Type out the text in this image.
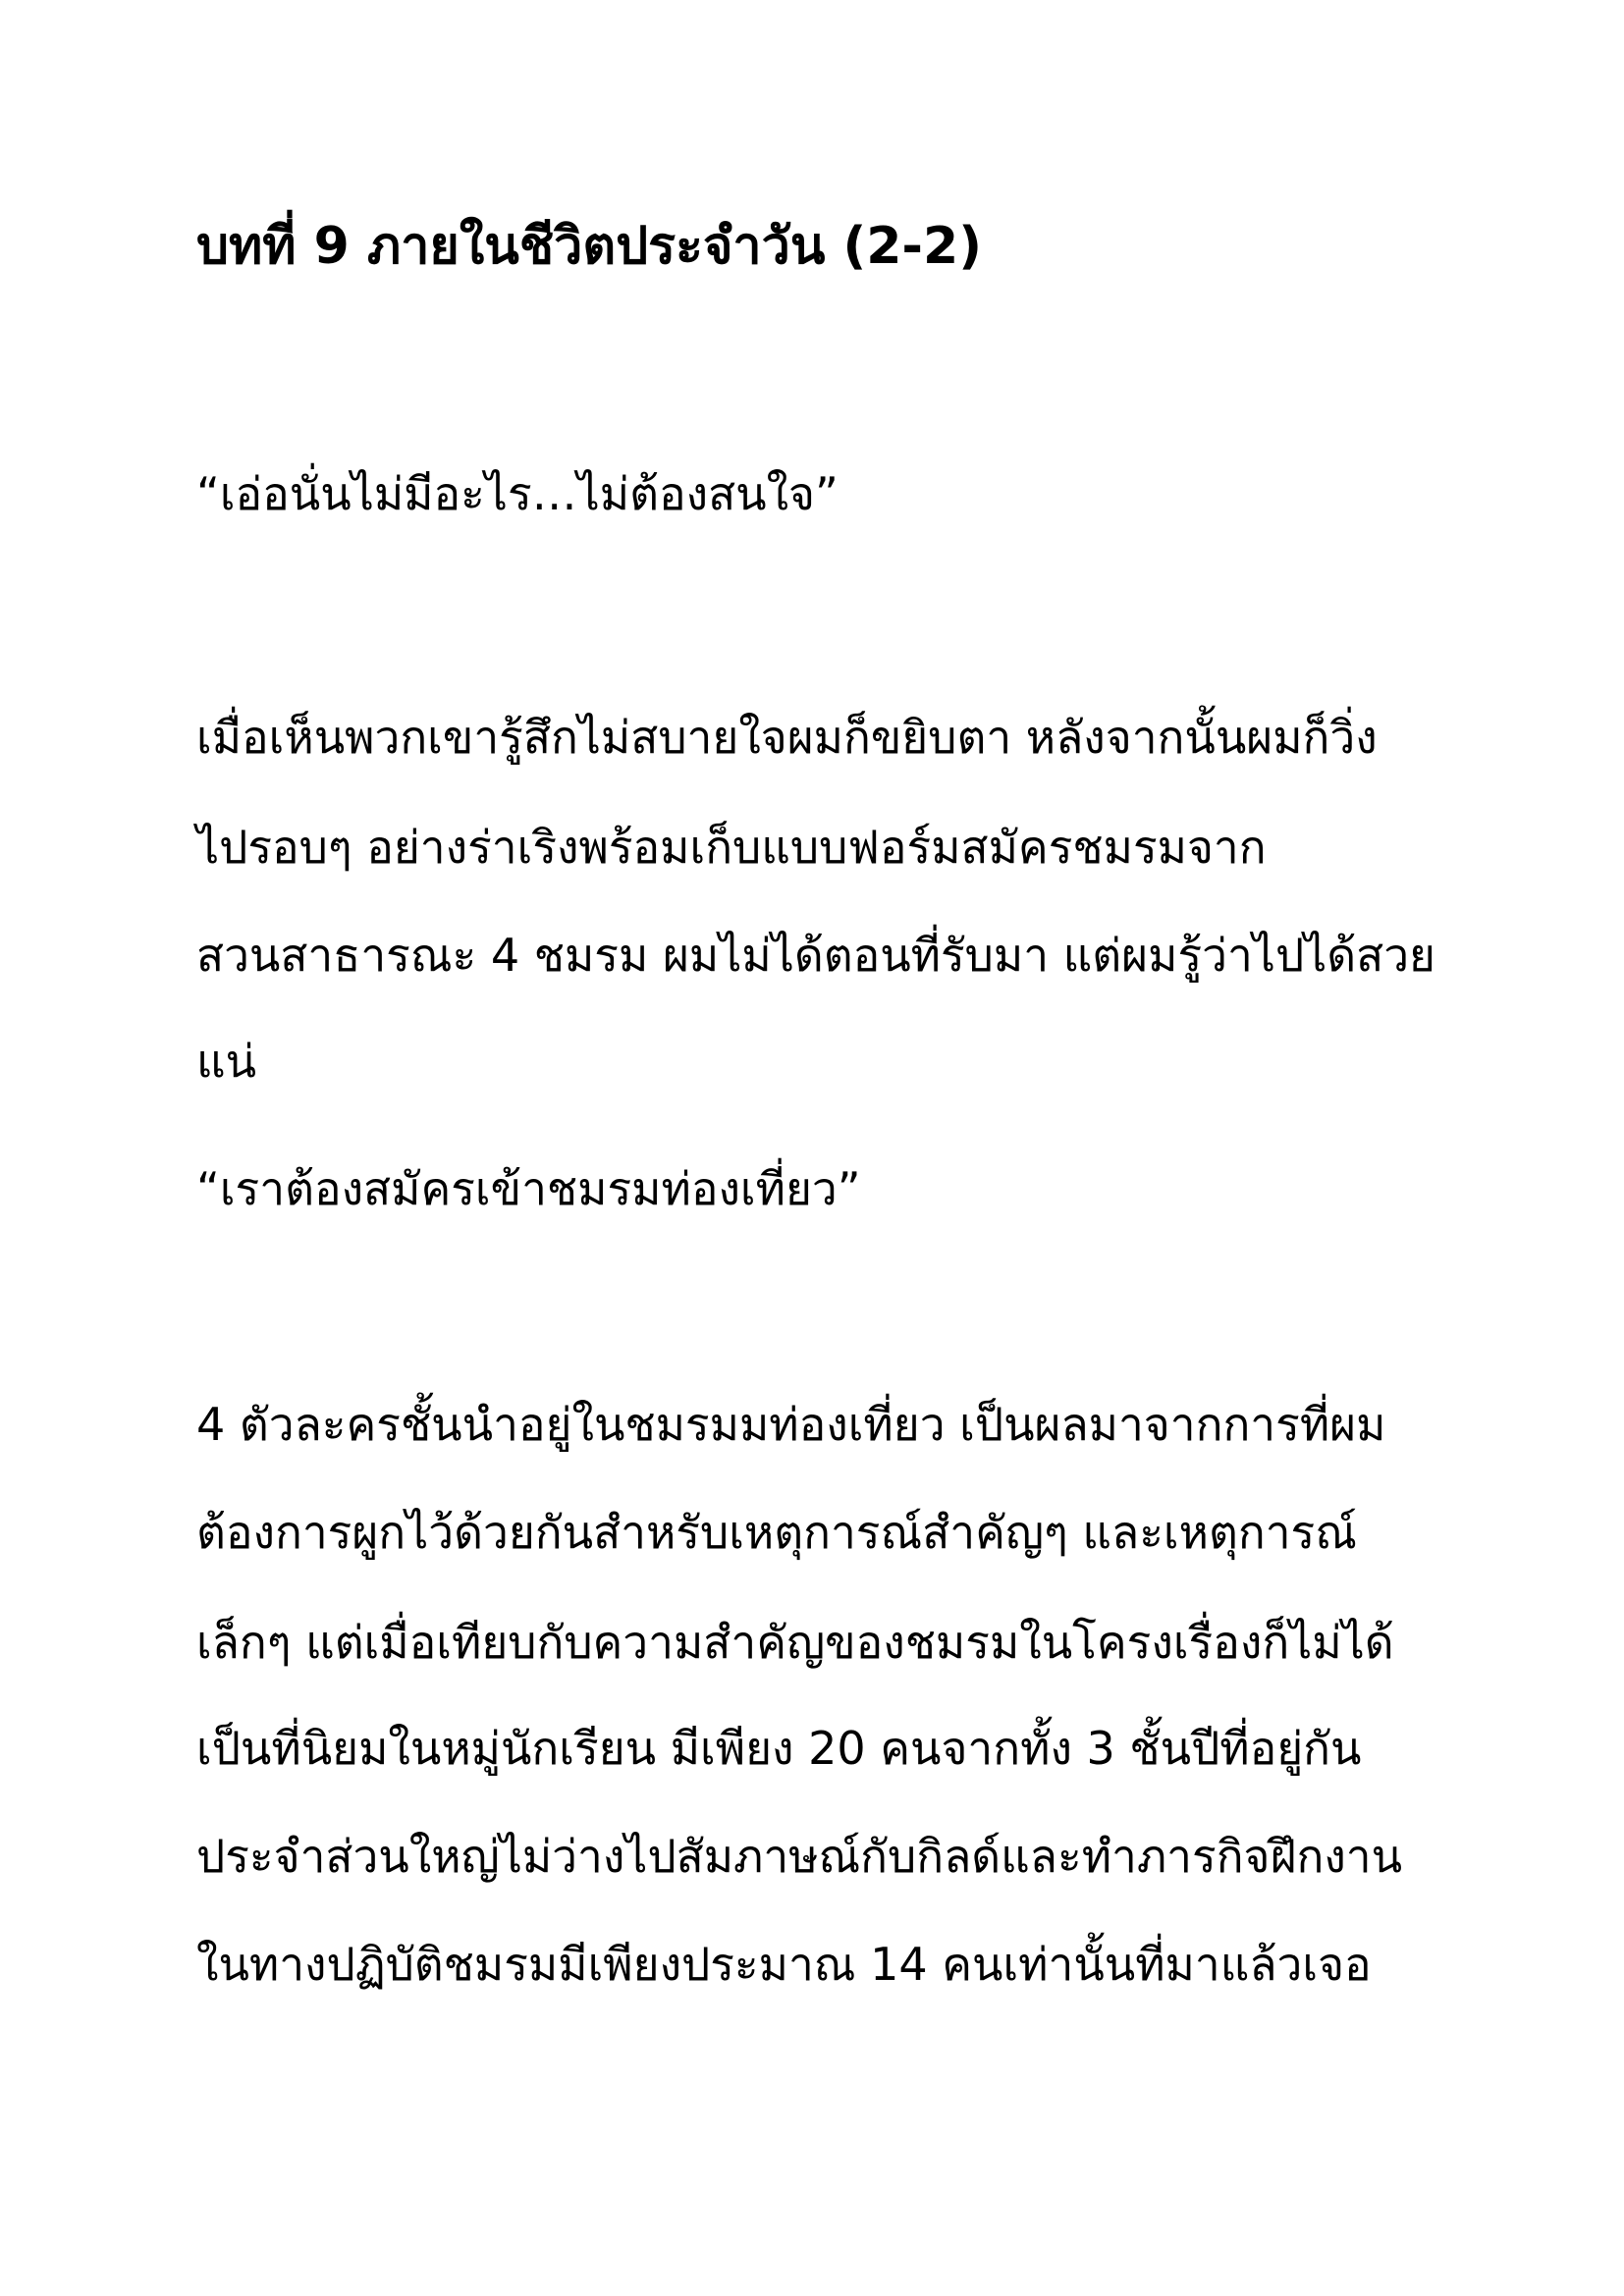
บทที่ 9 ภายในชีวิตประจำวัน (2-2)
“เอ่อนั่นไม่มีอะไร…ไม่ต้องสนใจ”
เมื่อเห็นพวกเขารู้สึกไม่สบายใจผมก็ขยิบตา หลังจากนั้นผมก็วิ่ง
ไปรอบๆ อย่างร่าเริงพร้อมเก็บแบบฟอร์มสมัครชมรมจาก
สวนสาธารณะ 4 ชมรม ผมไม่ได้ตอนที่รับมา แต่ผมรู้ว่าไปได้สวย
แน่
“เราต้องสมัครเข้าชมรมท่องเที่ยว”
4 ตัวละครชั้นนำอยู่ในชมรมมท่องเที่ยว เป็นผลมาจากการที่ผม
ต้องการผูกไว้ด้วยกันสำหรับเหตุการณ์สำคัญๆ และเหตุการณ์
เล็กๆ แต่เมื่อเทียบกับความสำคัญของชมรมในโครงเรื่องก็ไม่ได้
เป็นที่นิยมในหมู่นักเรียน มีเพียง 20 คนจากทั้ง 3 ชั้นปีที่อยู่กัน
ประจำส่วนใหญ่ไม่ว่างไปสัมภาษณ์กับกิลด์และทำภารกิจฝึกงาน
ในทางปฏิบัติชมรมมีเพียงประมาณ 14 คนเท่านั้นที่มาแล้วเจอ
